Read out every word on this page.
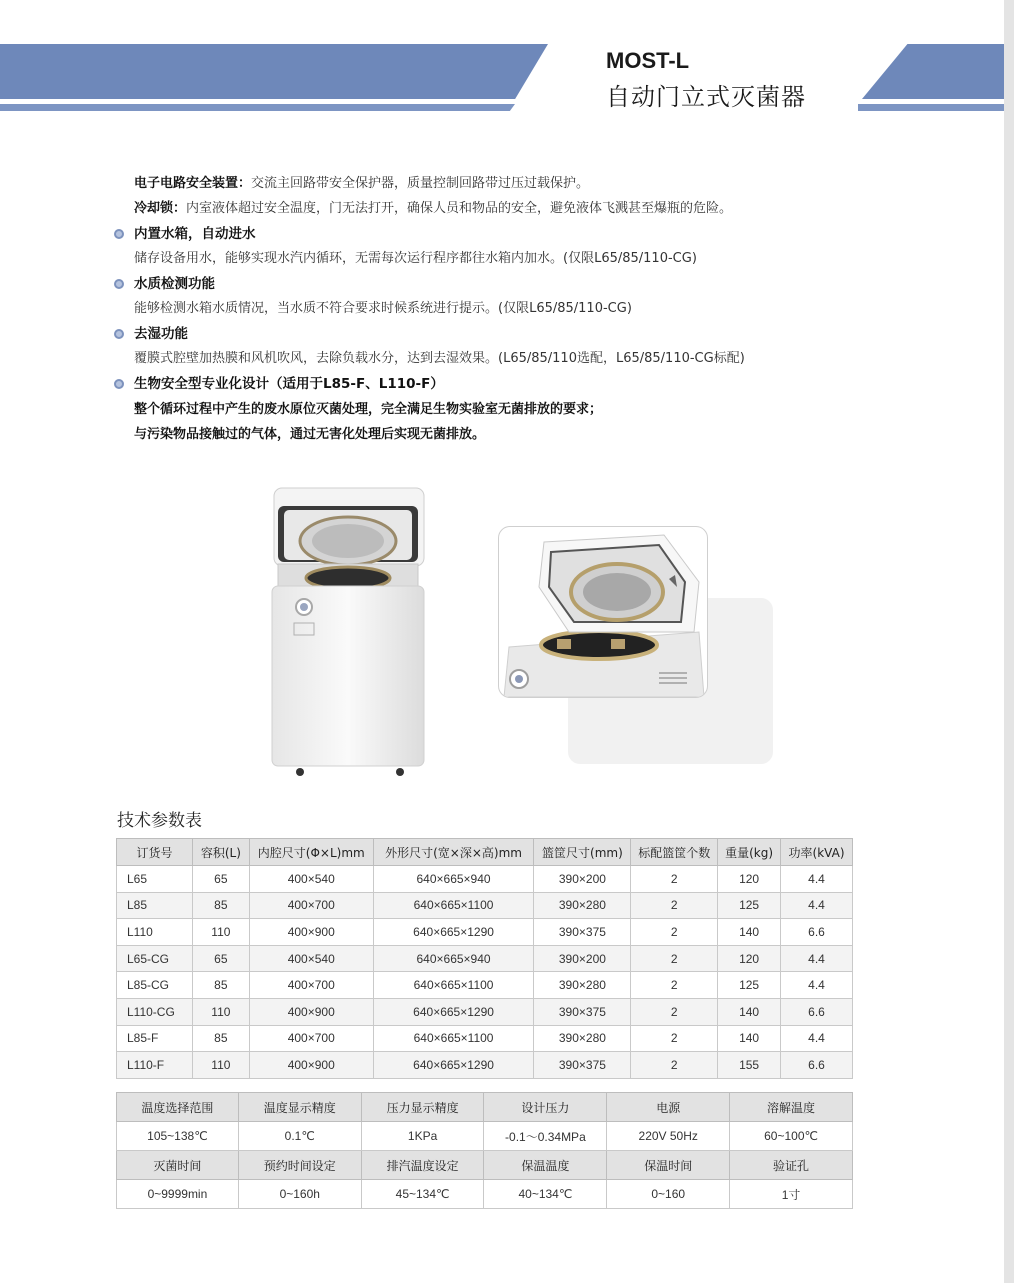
MOST-L
自动门立式灭菌器
电子电路安全装置：交流主回路带安全保护器，质量控制回路带过压过载保护。
冷却锁：内室液体超过安全温度，门无法打开，确保人员和物品的安全，避免液体飞溅甚至爆瓶的危险。
内置水箱，自动进水
储存设备用水，能够实现水汽内循环，无需每次运行程序都往水箱内加水。(仅限L65/85/110-CG)
水质检测功能
能够检测水箱水质情况，当水质不符合要求时候系统进行提示。(仅限L65/85/110-CG)
去湿功能
覆膜式腔壁加热膜和风机吹风，去除负载水分，达到去湿效果。(L65/85/110选配，L65/85/110-CG标配)
生物安全型专业化设计（适用于L85-F、L110-F）
整个循环过程中产生的废水原位灭菌处理，完全满足生物实验室无菌排放的要求；
与污染物品接触过的气体，通过无害化处理后实现无菌排放。
技术参数表
订货号	容积(L)	内腔尺寸(Φ×L)mm	外形尺寸(宽×深×高)mm	篮筐尺寸(mm)	标配篮筐个数	重量(kg)	功率(kVA)
L65	65	400×540	640×665×940	390×200	2	120	4.4
L85	85	400×700	640×665×1100	390×280	2	125	4.4
L110	110	400×900	640×665×1290	390×375	2	140	6.6
L65-CG	65	400×540	640×665×940	390×200	2	120	4.4
L85-CG	85	400×700	640×665×1100	390×280	2	125	4.4
L110-CG	110	400×900	640×665×1290	390×375	2	140	6.6
L85-F	85	400×700	640×665×1100	390×280	2	140	4.4
L110-F	110	400×900	640×665×1290	390×375	2	155	6.6
温度选择范围	温度显示精度	压力显示精度	设计压力	电源	溶解温度
105~138℃	0.1℃	1KPa	-0.1～0.34MPa	220V 50Hz	60~100℃
灭菌时间	预约时间设定	排汽温度设定	保温温度	保温时间	验证孔
0~9999min	0~160h	45~134℃	40~134℃	0~160	1寸
